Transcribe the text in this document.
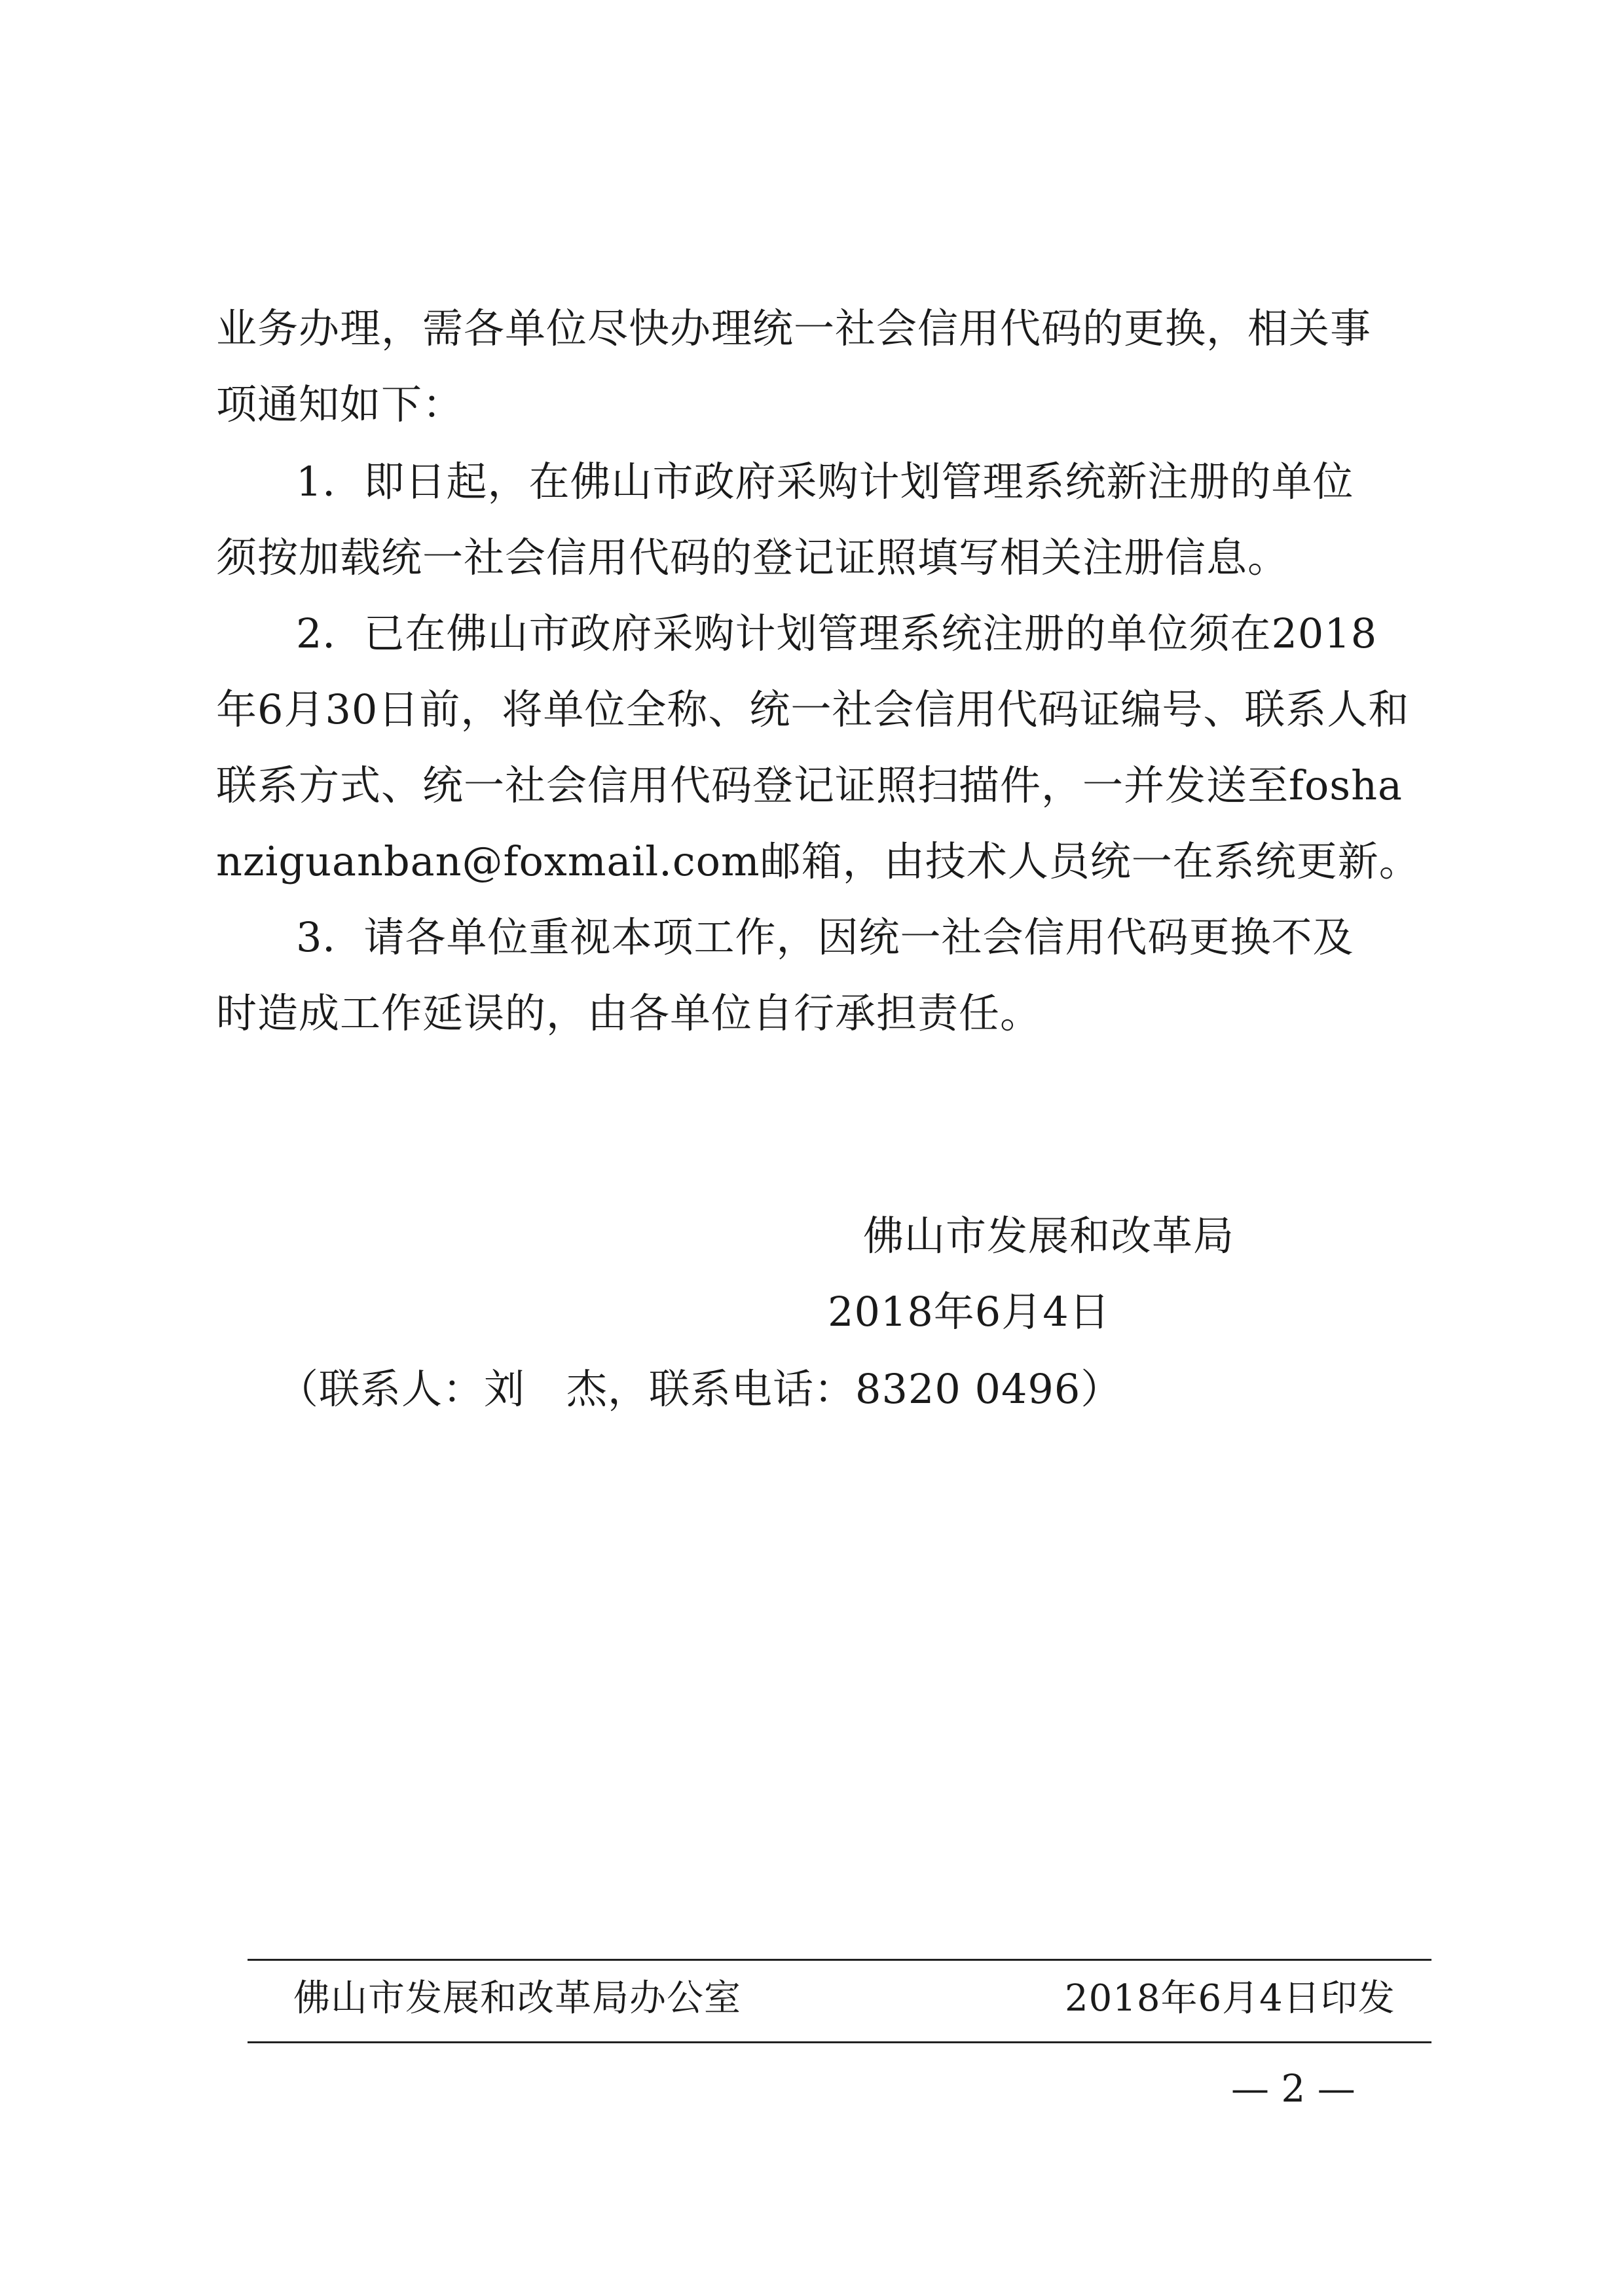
业务办理，需各单位尽快办理统一社会信用代码的更换，相关事
项通知如下：
1．即日起，在佛山市政府采购计划管理系统新注册的单位
须按加载统一社会信用代码的登记证照填写相关注册信息。
2．已在佛山市政府采购计划管理系统注册的单位须在2018
年6月30日前，将单位全称、统一社会信用代码证编号、联系人和
联系方式、统一社会信用代码登记证照扫描件，一并发送至fosha
nziguanban@foxmail.com邮箱，由技术人员统一在系统更新。
3．请各单位重视本项工作，因统一社会信用代码更换不及
时造成工作延误的，由各单位自行承担责任。
佛山市发展和改革局
2018年6月4日
（联系人：刘　杰，联系电话：8320 0496）
佛山市发展和改革局办公室	2018年6月4日印发
— 2 —
